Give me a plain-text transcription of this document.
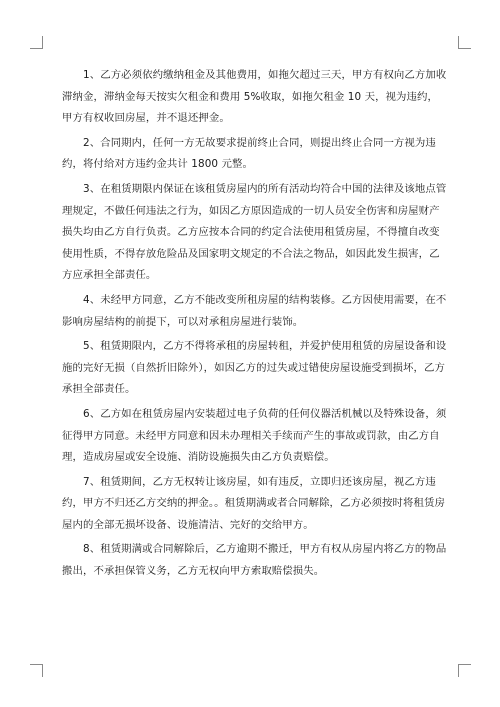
1、乙方必须依约缴纳租金及其他费用，如拖欠超过三天，甲方有权向乙方加收滞纳金，滞纳金每天按实欠租金和费用 5%收取，如拖欠租金 10 天，视为违约，甲方有权收回房屋，并不退还押金。

2、合同期内，任何一方无故要求提前终止合同，则提出终止合同一方视为违约，将付给对方违约金共计 1800 元整。

3、在租赁期限内保证在该租赁房屋内的所有活动均符合中国的法律及该地点管理规定，不做任何违法之行为，如因乙方原因造成的一切人员安全伤害和房屋财产损失均由乙方自行负责。乙方应按本合同的约定合法使用租赁房屋，不得擅自改变使用性质，不得存放危险品及国家明文规定的不合法之物品，如因此发生损害，乙方应承担全部责任。

4、未经甲方同意，乙方不能改变所租房屋的结构装修。乙方因使用需要，在不影响房屋结构的前提下，可以对承租房屋进行装饰。

5、租赁期限内，乙方不得将承租的房屋转租，并爱护使用租赁的房屋设备和设施的完好无损（自然折旧除外），如因乙方的过失或过错使房屋设施受到损坏，乙方承担全部责任。

6、乙方如在租赁房屋内安装超过电子负荷的任何仪器活机械以及特殊设备，须征得甲方同意。未经甲方同意和因未办理相关手续而产生的事故或罚款，由乙方自理，造成房屋或安全设施、消防设施损失由乙方负责赔偿。

7、租赁期间，乙方无权转让该房屋，如有违反，立即归还该房屋，视乙方违约，甲方不归还乙方交纳的押金。。租赁期满或者合同解除，乙方必须按时将租赁房屋内的全部无损坏设备、设施清洁、完好的交给甲方。

8、租赁期满或合同解除后，乙方逾期不搬迁，甲方有权从房屋内将乙方的物品搬出，不承担保管义务，乙方无权向甲方索取赔偿损失。
